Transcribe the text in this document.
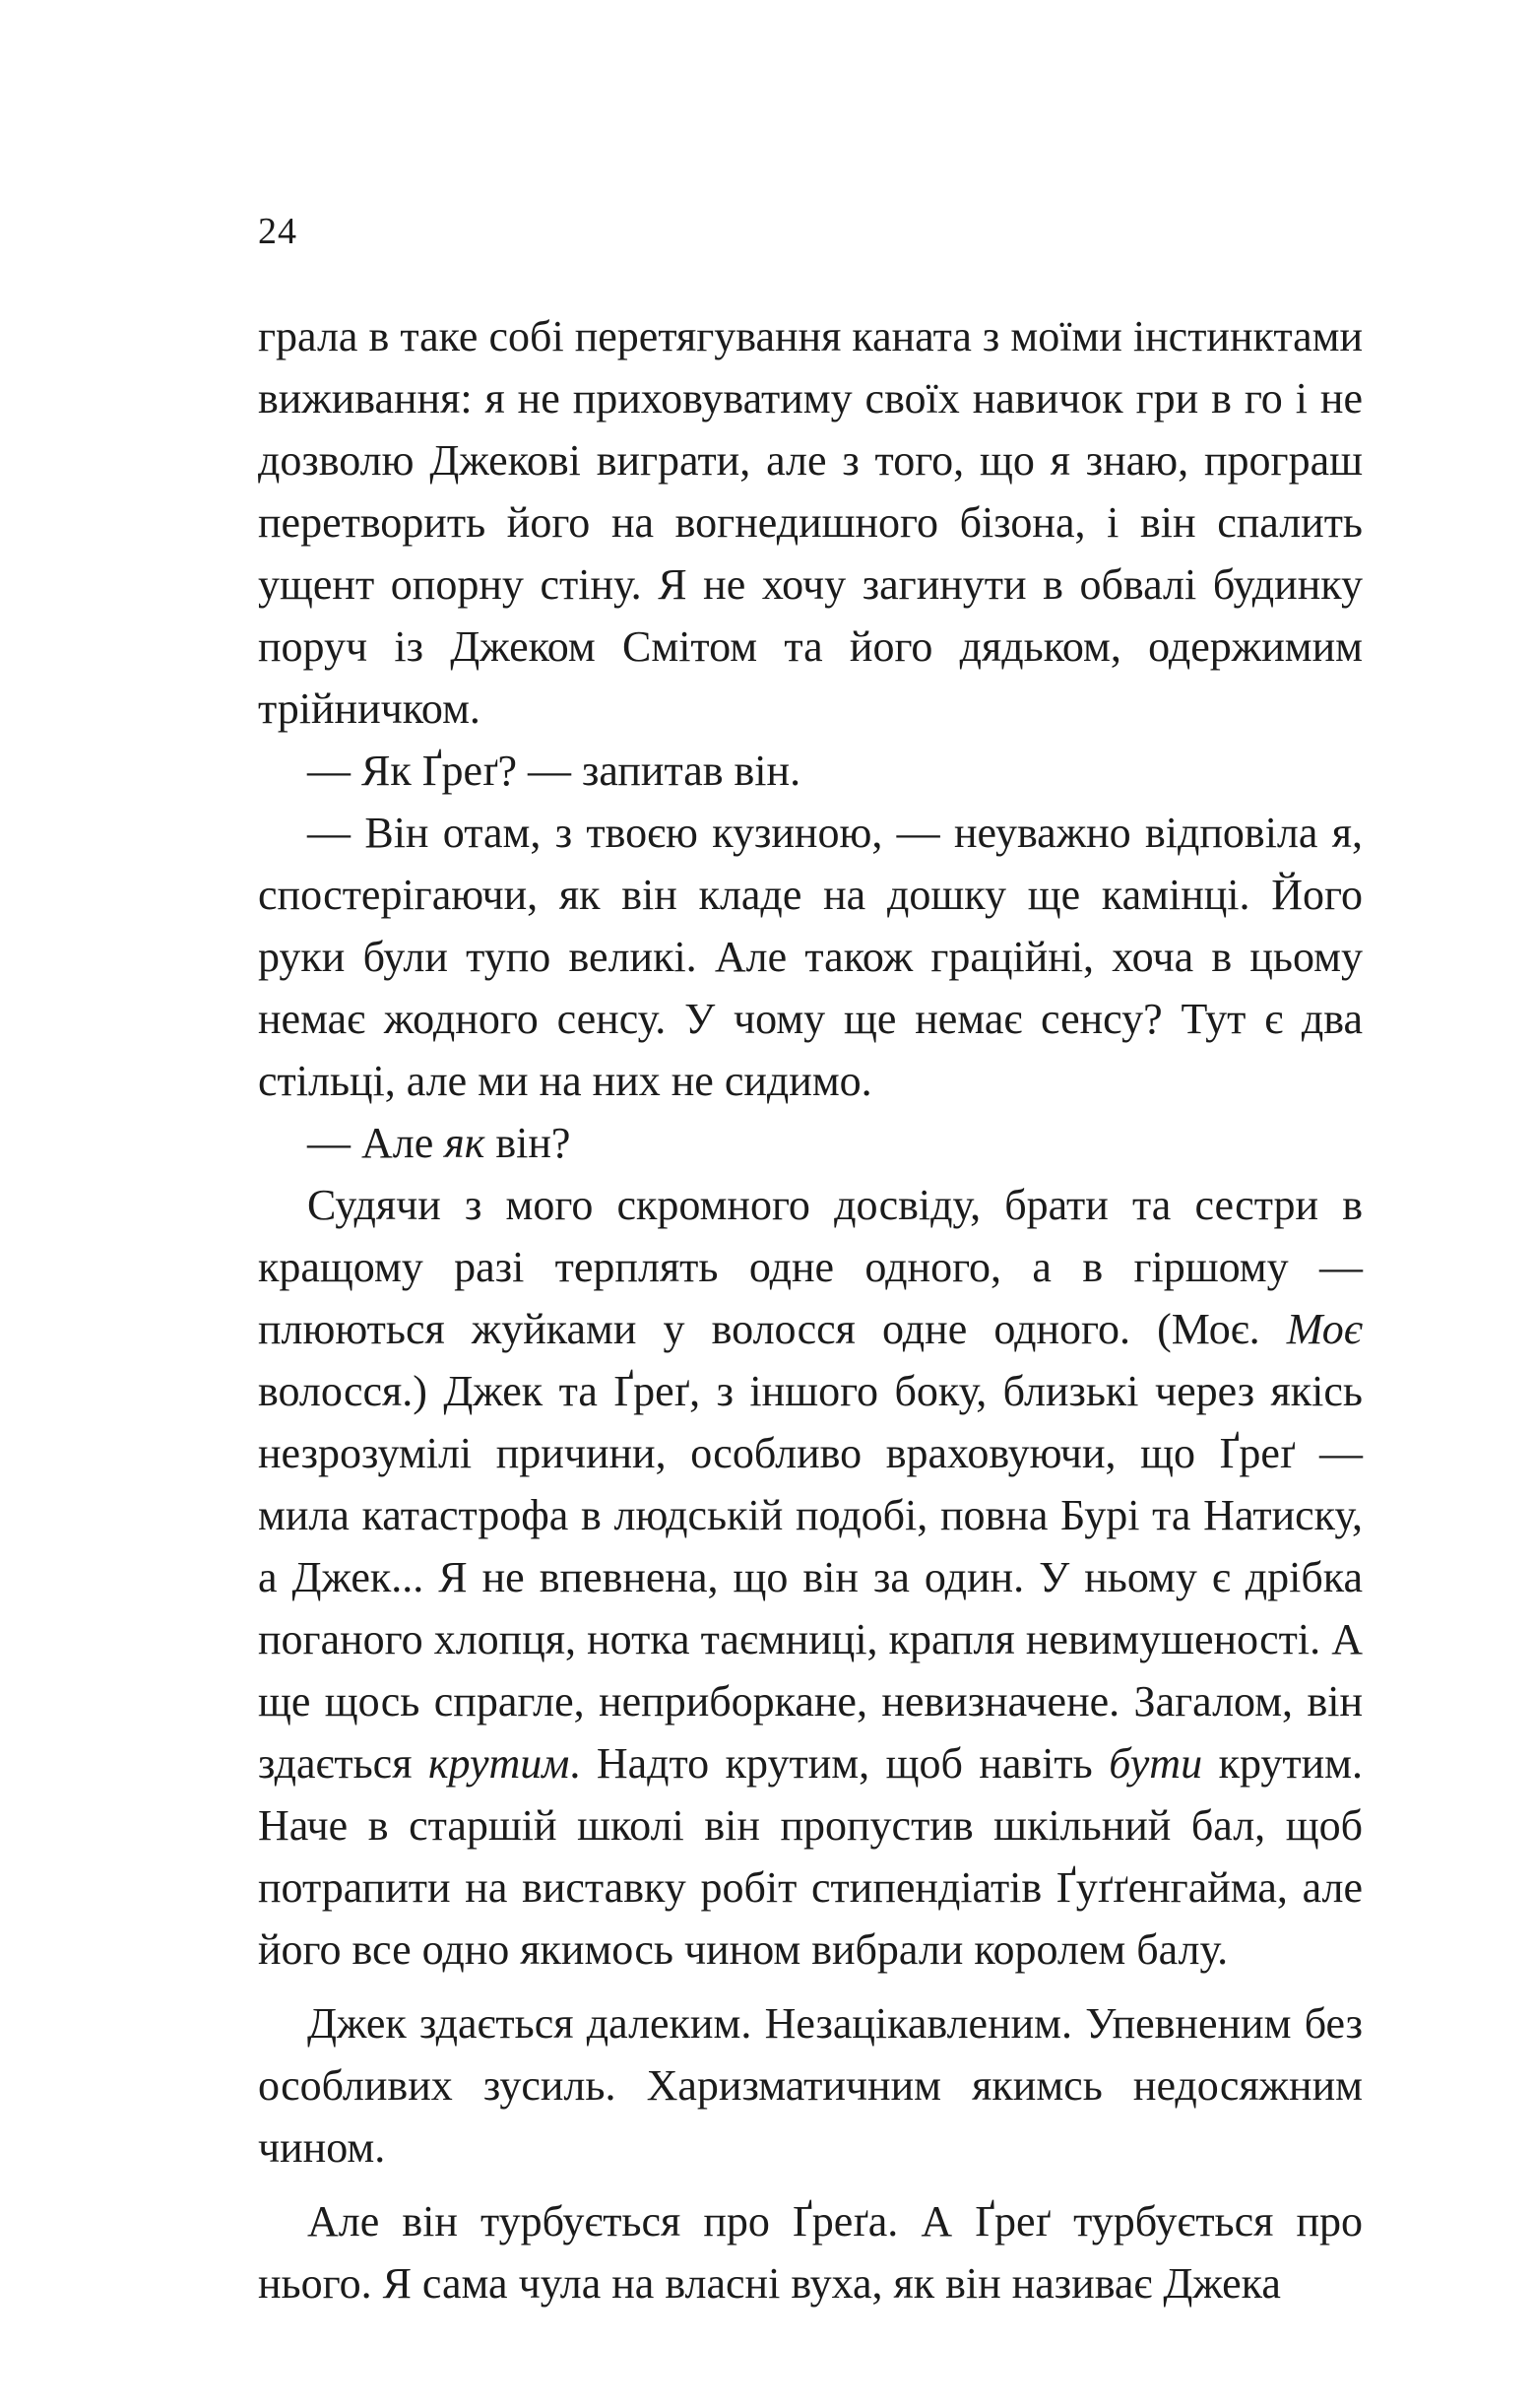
24

грала в таке собі перетягування каната з моїми інстинктами виживання: я не приховуватиму своїх навичок гри в го і не дозволю Джекові виграти, але з того, що я знаю, програш перетворить його на вогнедишного бізона, і він спалить ущент опорну стіну. Я не хочу загинути в обвалі будинку поруч із Джеком Смітом та його дядьком, одержимим трійничком.

— Як Ґреґ? — запитав він.

— Він отам, з твоєю кузиною, — неуважно відповіла я, спостерігаючи, як він кладе на дошку ще камінці. Його руки були тупо великі. Але також граційні, хоча в цьому немає жодного сенсу. У чому ще немає сенсу? Тут є два стільці, але ми на них не сидимо.

— Але як він?

Судячи з мого скромного досвіду, брати та сестри в кращому разі терплять одне одного, а в гіршому — плюються жуйками у волосся одне одного. (Моє. Моє волосся.) Джек та Ґреґ, з іншого боку, близькі через якісь незрозумілі причини, особливо враховуючи, що Ґреґ — мила катастрофа в людській подобі, повна Бурі та Натиску, а Джек... Я не впевнена, що він за один. У ньому є дрібка поганого хлопця, нотка таємниці, крапля невимушеності. А ще щось спрагле, неприборкане, невизначене. Загалом, він здається крутим. Надто крутим, щоб навіть бути крутим. Наче в старшій школі він пропустив шкільний бал, щоб потрапити на виставку робіт стипендіатів Ґуґґенгайма, але його все одно якимось чином вибрали королем балу.

Джек здається далеким. Незацікавленим. Упевненим без особливих зусиль. Харизматичним якимсь недосяжним чином.

Але він турбується про Ґреґа. А Ґреґ турбується про нього. Я сама чула на власні вуха, як він називає Джека
